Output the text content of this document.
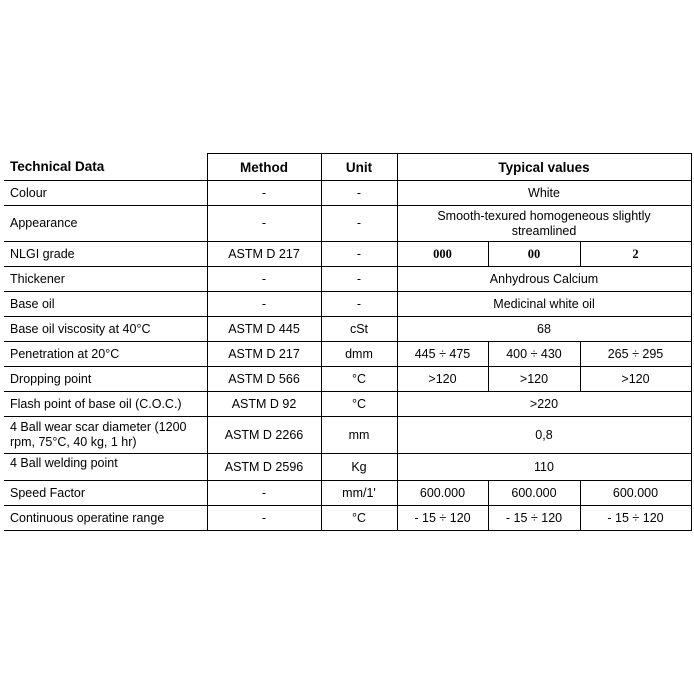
Technical Data	Method	Unit	Typical values		
Colour	-	-	White		
Appearance	-	-	Smooth-texured homogeneous slightly streamlined		
NLGI grade	ASTM D 217	-	000	00	2
Thickener	-	-	Anhydrous Calcium		
Base oil	-	-	Medicinal white oil		
Base oil viscosity at 40°C	ASTM D 445	cSt	68		
Penetration at 20°C	ASTM D 217	dmm	445 ÷ 475	400 ÷ 430	265 ÷ 295
Dropping point	ASTM D 566	°C	>120	>120	>120
Flash point of base oil (C.O.C.)	ASTM D 92	°C	>220		
4 Ball wear scar diameter (1200 rpm, 75°C, 40 kg, 1 hr)	ASTM D 2266	mm	0,8		
4 Ball welding point	ASTM D 2596	Kg	110		
Speed Factor	-	mm/1'	600.000	600.000	600.000
Continuous operatine range	-	°C	- 15 ÷ 120	- 15 ÷ 120	- 15 ÷ 120
